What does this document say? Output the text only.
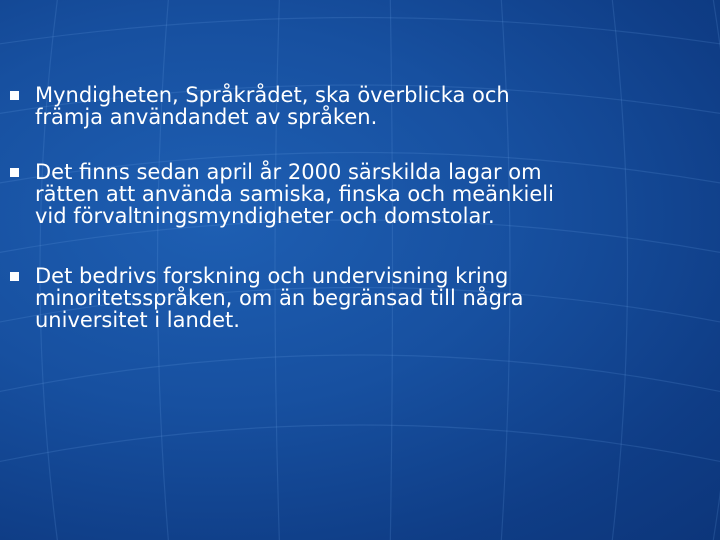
Myndigheten, Språkrådet, ska överblicka och
främja användandet av språken.

Det finns sedan april år 2000 särskilda lagar om
rätten att använda samiska, finska och meänkieli
vid förvaltningsmyndigheter och domstolar.

Det bedrivs forskning och undervisning kring
minoritetsspråken, om än begränsad till några
universitet i landet.
